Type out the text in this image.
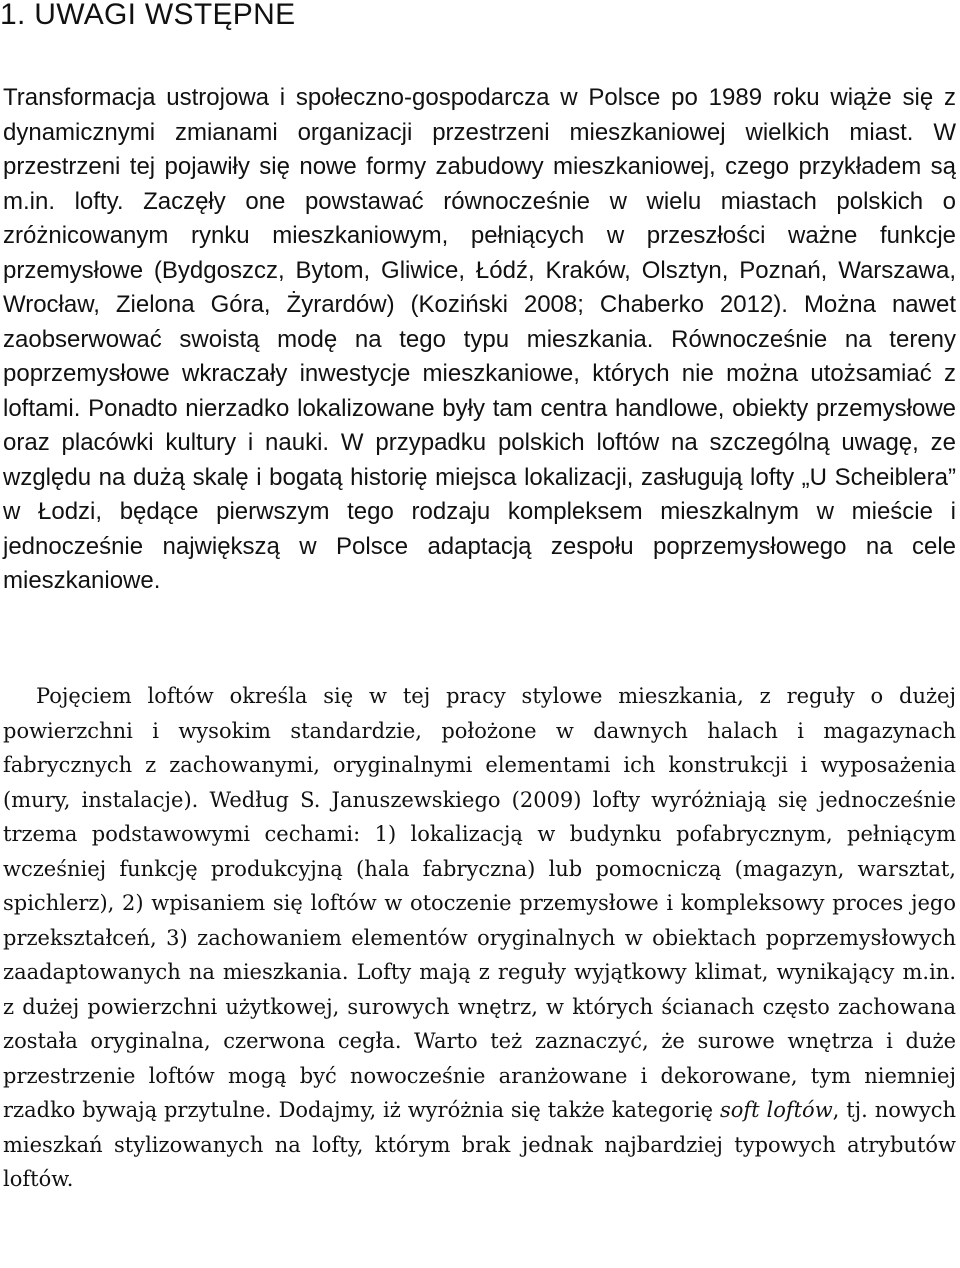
1. UWAGI WSTĘPNE

Transformacja ustrojowa i społeczno-gospodarcza w Polsce po 1989 roku wiąże się z dynamicznymi zmianami organizacji przestrzeni mieszkaniowej wielkich miast. W przestrzeni tej pojawiły się nowe formy zabudowy mieszkaniowej, czego przykładem są m.in. lofty. Zaczęły one powstawać równocześnie w wielu miastach polskich o zróżnicowanym rynku mieszkaniowym, pełniących w przeszłości ważne funkcje przemysłowe (Bydgoszcz, Bytom, Gliwice, Łódź, Kraków, Olsztyn, Poznań, Warszawa, Wrocław, Zielona Góra, Żyrardów) (Koziński 2008; Chaberko 2012). Można nawet zaobserwować swoistą modę na tego typu mieszkania. Równocześnie na tereny poprzemysłowe wkraczały inwestycje mieszkaniowe, których nie można utożsamiać z loftami. Ponadto nierzadko lokalizowane były tam centra handlowe, obiekty przemysłowe oraz placówki kultury i nauki. W przypadku polskich loftów na szczególną uwagę, ze względu na dużą skalę i bogatą historię miejsca lokalizacji, zasługują lofty „U Scheiblera” w Łodzi, będące pierwszym tego rodzaju kompleksem mieszkalnym w mieście i jednocześnie największą w Polsce adaptacją zespołu poprzemysłowego na cele mieszkaniowe.

Pojęciem loftów określa się w tej pracy stylowe mieszkania, z reguły o dużej powierzchni i wysokim standardzie, położone w dawnych halach i magazynach fabrycznych z zachowanymi, oryginalnymi elementami ich konstrukcji i wyposażenia (mury, instalacje). Według S. Januszewskiego (2009) lofty wyróżniają się jednocześnie trzema podstawowymi cechami: 1) lokalizacją w budynku pofabrycznym, pełniącym wcześniej funkcję produkcyjną (hala fabryczna) lub pomocniczą (magazyn, warsztat, spichlerz), 2) wpisaniem się loftów w otoczenie przemysłowe i kompleksowy proces jego przekształceń, 3) zachowaniem elementów oryginalnych w obiektach poprzemysłowych zaadaptowanych na mieszkania. Lofty mają z reguły wyjątkowy klimat, wynikający m.in. z dużej powierzchni użytkowej, surowych wnętrz, w których ścianach często zachowana została oryginalna, czerwona cegła. Warto też zaznaczyć, że surowe wnętrza i duże przestrzenie loftów mogą być nowocześnie aranżowane i dekorowane, tym niemniej rzadko bywają przytulne. Dodajmy, iż wyróżnia się także kategorię soft loftów, tj. nowych mieszkań stylizowanych na lofty, którym brak jednak najbardziej typowych atrybutów loftów.
